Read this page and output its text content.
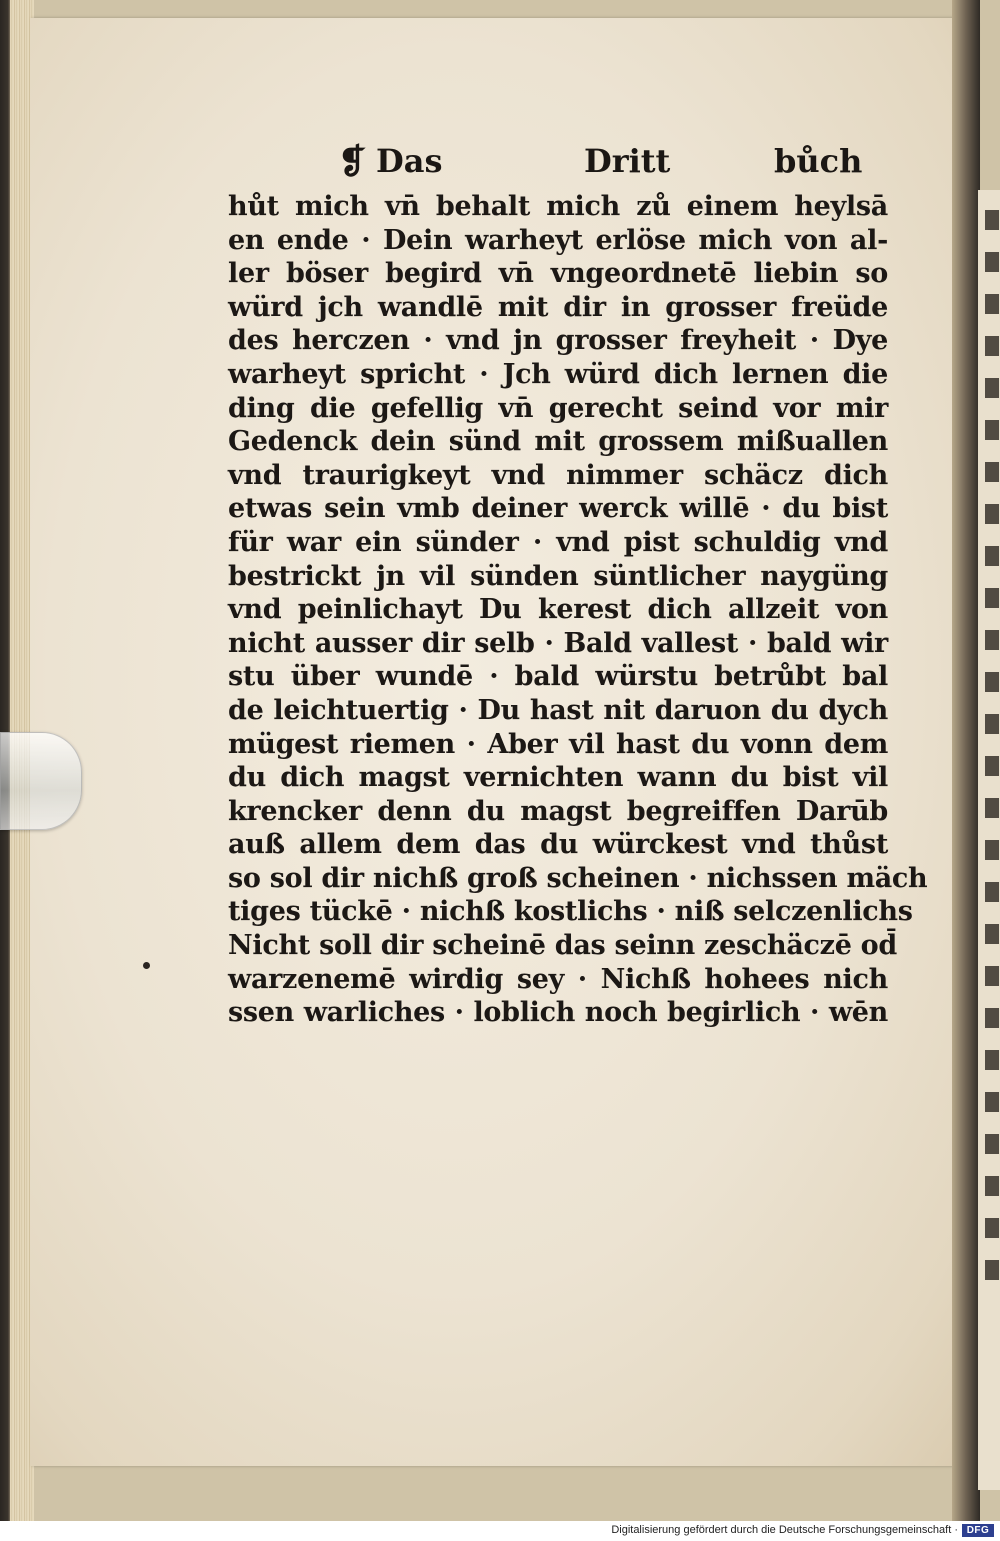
❡ Das	Dritt	bůch
hůt mich vn̄ behalt mich zů einem heylsā
en ende · Dein warheyt erlöse mich von al-
ler böser begird vn̄ vngeordnetē liebin so
würd jch wandlē mit dir in grosser freüde
des herczen · vnd jn grosser freyheit · Dye
warheyt spricht · Jch würd dich lernen die
ding die gefellig vn̄ gerecht seind vor mir
Gedenck dein sünd mit grossem mißuallen
vnd traurigkeyt vnd nimmer schäcz dich
etwas sein vmb deiner werck willē · du bist
für war ein sünder · vnd pist schuldig vnd
bestrickt jn vil sünden süntlicher naygüng
vnd peinlichayt Du kerest dich allzeit von
nicht ausser dir selb · Bald vallest · bald wir
stu über wundē · bald würstu betrůbt bal
de leichtuertig · Du hast nit daruon du dych
mügest riemen · Aber vil hast du vonn dem
du dich magst vernichten wann du bist vil
krencker denn du magst begreiffen Darūb
auß allem dem das du würckest vnd thůst
so sol dir nichß groß scheinen · nichssen mäch
tiges tückē · nichß kostlichs · niß selczenlichs
Nicht soll dir scheinē das seinn zeschäczē od̄
warzenemē wirdig sey · Nichß hohees nich
ssen warliches · loblich noch begirlich · wēn
Digitalisierung gefördert durch die Deutsche Forschungsgemeinschaft · DFG
